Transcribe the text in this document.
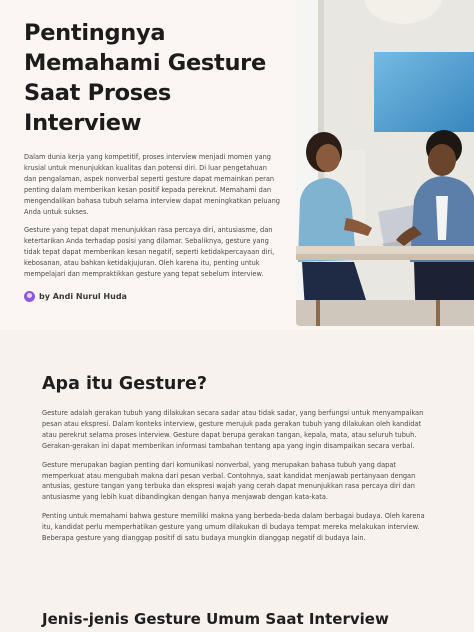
Pentingnya Memahami Gesture Saat Proses Interview

Dalam dunia kerja yang kompetitif, proses interview menjadi momen yang krusial untuk menunjukkan kualitas dan potensi diri. Di luar pengetahuan dan pengalaman, aspek nonverbal seperti gesture dapat memainkan peran penting dalam memberikan kesan positif kepada perekrut. Memahami dan mengendalikan bahasa tubuh selama interview dapat meningkatkan peluang Anda untuk sukses.

Gesture yang tepat dapat menunjukkan rasa percaya diri, antusiasme, dan ketertarikan Anda terhadap posisi yang dilamar. Sebaliknya, gesture yang tidak tepat dapat memberikan kesan negatif, seperti ketidakpercayaan diri, kebosanan, atau bahkan ketidakjujuran. Oleh karena itu, penting untuk mempelajari dan mempraktikkan gesture yang tepat sebelum interview.

by Andi Nurul Huda
Apa itu Gesture?

Gesture adalah gerakan tubuh yang dilakukan secara sadar atau tidak sadar, yang berfungsi untuk menyampaikan pesan atau ekspresi. Dalam konteks interview, gesture merujuk pada gerakan tubuh yang dilakukan oleh kandidat atau perekrut selama proses interview. Gesture dapat berupa gerakan tangan, kepala, mata, atau seluruh tubuh. Gerakan-gerakan ini dapat memberikan informasi tambahan tentang apa yang ingin disampaikan secara verbal.

Gesture merupakan bagian penting dari komunikasi nonverbal, yang merupakan bahasa tubuh yang dapat memperkuat atau mengubah makna dari pesan verbal. Contohnya, saat kandidat menjawab pertanyaan dengan antusias, gesture tangan yang terbuka dan ekspresi wajah yang cerah dapat menunjukkan rasa percaya diri dan antusiasme yang lebih kuat dibandingkan dengan hanya menjawab dengan kata-kata.

Penting untuk memahami bahwa gesture memiliki makna yang berbeda-beda dalam berbagai budaya. Oleh karena itu, kandidat perlu memperhatikan gesture yang umum dilakukan di budaya tempat mereka melakukan interview. Beberapa gesture yang dianggap positif di satu budaya mungkin dianggap negatif di budaya lain.

Jenis-jenis Gesture Umum Saat Interview
